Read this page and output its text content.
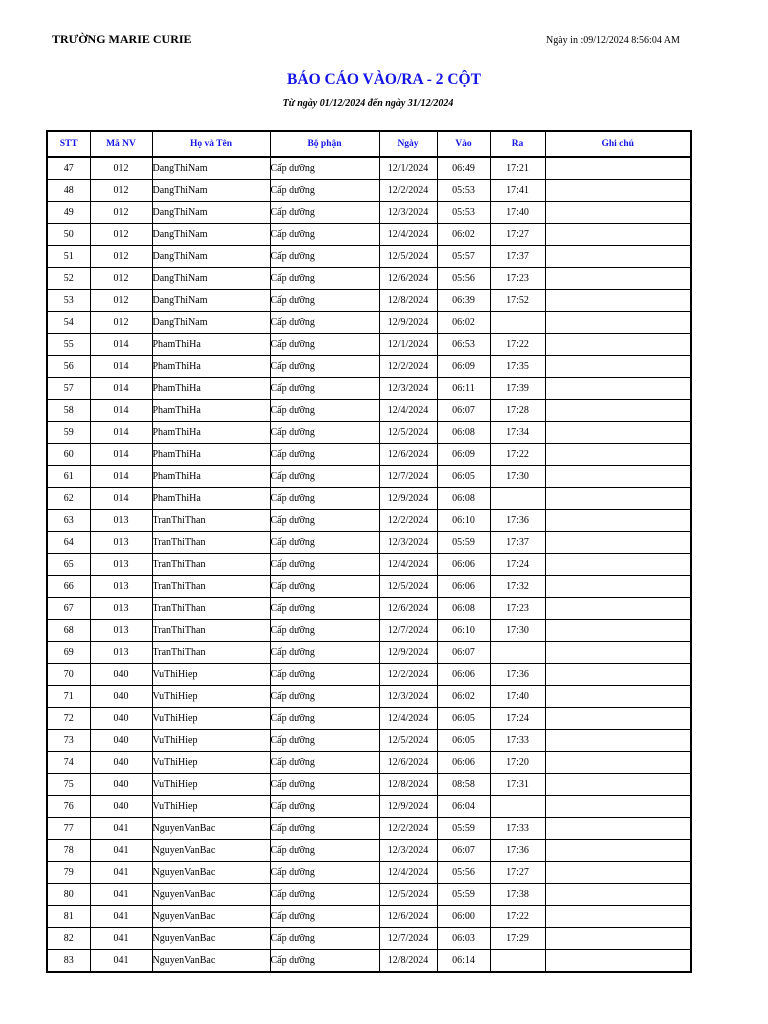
TRƯỜNG MARIE CURIE	Ngày in :09/12/2024 8:56:04 AM
BÁO CÁO VÀO/RA - 2 CỘT
Từ ngày 01/12/2024 đến ngày 31/12/2024
STT	Mã NV	Họ và Tên	Bộ phận	Ngày	Vào	Ra	Ghi chú
47	012	DangThiNam	Cấp dưỡng	12/1/2024	06:49	17:21	
48	012	DangThiNam	Cấp dưỡng	12/2/2024	05:53	17:41	
49	012	DangThiNam	Cấp dưỡng	12/3/2024	05:53	17:40	
50	012	DangThiNam	Cấp dưỡng	12/4/2024	06:02	17:27	
51	012	DangThiNam	Cấp dưỡng	12/5/2024	05:57	17:37	
52	012	DangThiNam	Cấp dưỡng	12/6/2024	05:56	17:23	
53	012	DangThiNam	Cấp dưỡng	12/8/2024	06:39	17:52	
54	012	DangThiNam	Cấp dưỡng	12/9/2024	06:02		
55	014	PhamThiHa	Cấp dưỡng	12/1/2024	06:53	17:22	
56	014	PhamThiHa	Cấp dưỡng	12/2/2024	06:09	17:35	
57	014	PhamThiHa	Cấp dưỡng	12/3/2024	06:11	17:39	
58	014	PhamThiHa	Cấp dưỡng	12/4/2024	06:07	17:28	
59	014	PhamThiHa	Cấp dưỡng	12/5/2024	06:08	17:34	
60	014	PhamThiHa	Cấp dưỡng	12/6/2024	06:09	17:22	
61	014	PhamThiHa	Cấp dưỡng	12/7/2024	06:05	17:30	
62	014	PhamThiHa	Cấp dưỡng	12/9/2024	06:08		
63	013	TranThiThan	Cấp dưỡng	12/2/2024	06:10	17:36	
64	013	TranThiThan	Cấp dưỡng	12/3/2024	05:59	17:37	
65	013	TranThiThan	Cấp dưỡng	12/4/2024	06:06	17:24	
66	013	TranThiThan	Cấp dưỡng	12/5/2024	06:06	17:32	
67	013	TranThiThan	Cấp dưỡng	12/6/2024	06:08	17:23	
68	013	TranThiThan	Cấp dưỡng	12/7/2024	06:10	17:30	
69	013	TranThiThan	Cấp dưỡng	12/9/2024	06:07		
70	040	VuThiHiep	Cấp dưỡng	12/2/2024	06:06	17:36	
71	040	VuThiHiep	Cấp dưỡng	12/3/2024	06:02	17:40	
72	040	VuThiHiep	Cấp dưỡng	12/4/2024	06:05	17:24	
73	040	VuThiHiep	Cấp dưỡng	12/5/2024	06:05	17:33	
74	040	VuThiHiep	Cấp dưỡng	12/6/2024	06:06	17:20	
75	040	VuThiHiep	Cấp dưỡng	12/8/2024	08:58	17:31	
76	040	VuThiHiep	Cấp dưỡng	12/9/2024	06:04		
77	041	NguyenVanBac	Cấp dưỡng	12/2/2024	05:59	17:33	
78	041	NguyenVanBac	Cấp dưỡng	12/3/2024	06:07	17:36	
79	041	NguyenVanBac	Cấp dưỡng	12/4/2024	05:56	17:27	
80	041	NguyenVanBac	Cấp dưỡng	12/5/2024	05:59	17:38	
81	041	NguyenVanBac	Cấp dưỡng	12/6/2024	06:00	17:22	
82	041	NguyenVanBac	Cấp dưỡng	12/7/2024	06:03	17:29	
83	041	NguyenVanBac	Cấp dưỡng	12/8/2024	06:14		
